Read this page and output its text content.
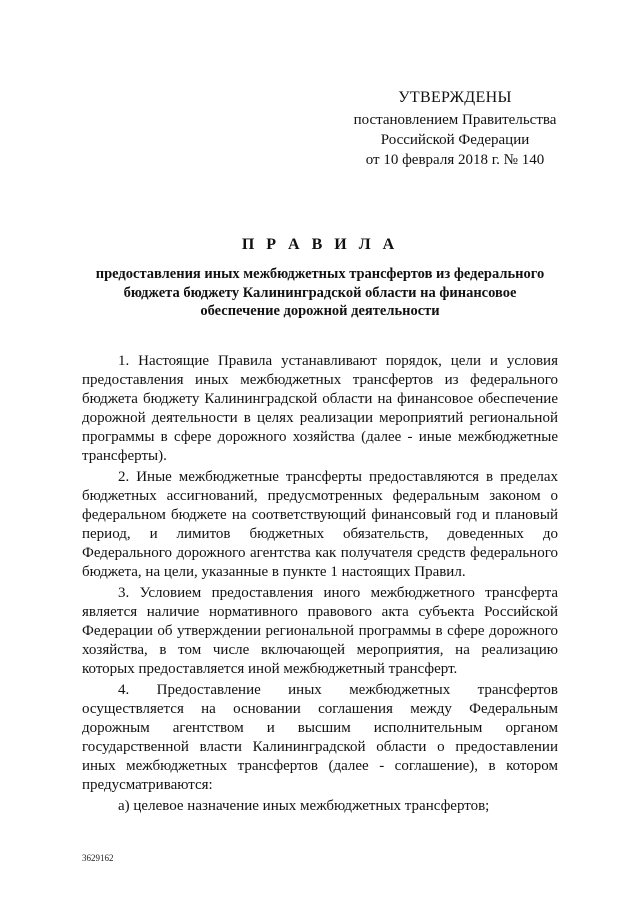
УТВЕРЖДЕНЫ
постановлением Правительства
Российской Федерации
от 10 февраля 2018 г. № 140
П Р А В И Л А
предоставления иных межбюджетных трансфертов из федерального
бюджета бюджету Калининградской области на финансовое
обеспечение дорожной деятельности

1. Настоящие Правила устанавливают порядок, цели и условия предоставления иных межбюджетных трансфертов из федерального бюджета бюджету Калининградской области на финансовое обеспечение дорожной деятельности в целях реализации мероприятий региональной программы в сфере дорожного хозяйства (далее - иные межбюджетные трансферты).

2. Иные межбюджетные трансферты предоставляются в пределах бюджетных ассигнований, предусмотренных федеральным законом о федеральном бюджете на соответствующий финансовый год и плановый период, и лимитов бюджетных обязательств, доведенных до Федерального дорожного агентства как получателя средств федерального бюджета, на цели, указанные в пункте 1 настоящих Правил.

3. Условием предоставления иного межбюджетного трансферта является наличие нормативного правового акта субъекта Российской Федерации об утверждении региональной программы в сфере дорожного хозяйства, в том числе включающей мероприятия, на реализацию которых предоставляется иной межбюджетный трансферт.

4. Предоставление иных межбюджетных трансфертов осуществляется на основании соглашения между Федеральным дорожным агентством и высшим исполнительным органом государственной власти Калининградской области о предоставлении иных межбюджетных трансфертов (далее - соглашение), в котором предусматриваются:

а) целевое назначение иных межбюджетных трансфертов;

3629162
